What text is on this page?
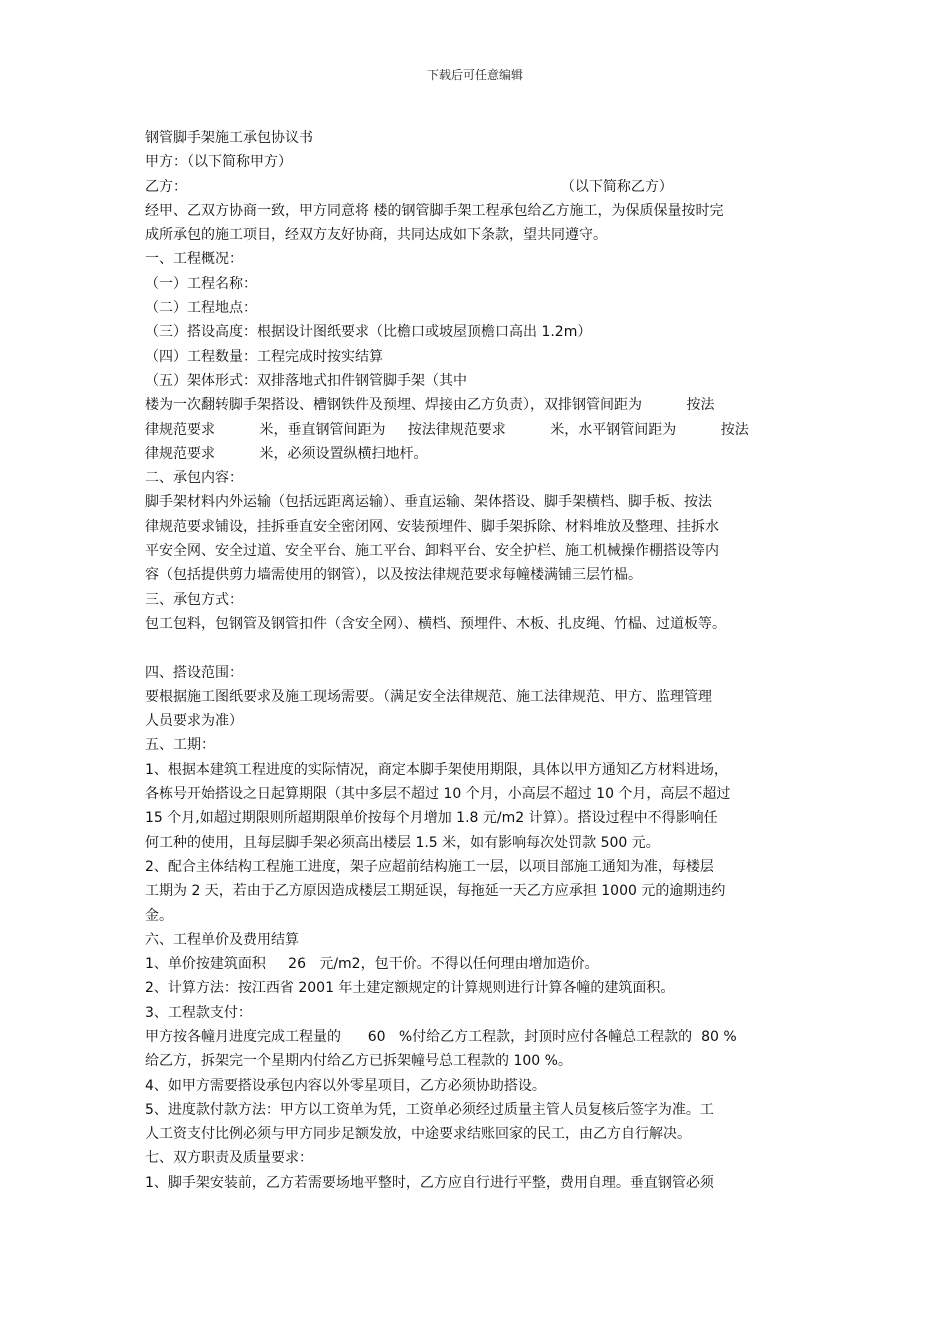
下载后可任意编辑
钢管脚手架施工承包协议书
甲方：（以下简称甲方）
乙方：                                                                                    （以下简称乙方）
经甲、乙双方协商一致，甲方同意将 楼的钢管脚手架工程承包给乙方施工，为保质保量按时完
成所承包的施工项目，经双方友好协商，共同达成如下条款，望共同遵守。
一、工程概况：
（一）工程名称：
（二）工程地点：
（三）搭设高度：根据设计图纸要求（比檐口或坡屋顶檐口高出 1.2m）
（四）工程数量：工程完成时按实结算
（五）架体形式：双排落地式扣件钢管脚手架（其中
楼为一次翻转脚手架搭设、槽钢铁件及预埋、焊接由乙方负责），双排钢管间距为          按法
律规范要求          米，垂直钢管间距为     按法律规范要求          米，水平钢管间距为          按法
律规范要求          米，必须设置纵横扫地杆。
二、承包内容：
脚手架材料内外运输（包括远距离运输）、垂直运输、架体搭设、脚手架横档、脚手板、按法
律规范要求铺设，挂拆垂直安全密闭网、安装预埋件、脚手架拆除、材料堆放及整理、挂拆水
平安全网、安全过道、安全平台、施工平台、卸料平台、安全护栏、施工机械操作棚搭设等内
容（包括提供剪力墙需使用的钢管），以及按法律规范要求每幢楼满铺三层竹榀。
三、承包方式：
包工包料，包钢管及钢管扣件（含安全网）、横档、预埋件、木板、扎皮绳、竹榀、过道板等。
四、搭设范围：
要根据施工图纸要求及施工现场需要。（满足安全法律规范、施工法律规范、甲方、监理管理
人员要求为准）
五、工期：
1、根据本建筑工程进度的实际情况，商定本脚手架使用期限，具体以甲方通知乙方材料进场，
各栋号开始搭设之日起算期限（其中多层不超过 10 个月，小高层不超过 10 个月，高层不超过
15 个月,如超过期限则所超期限单价按每个月增加 1.8 元/m2 计算）。搭设过程中不得影响任
何工种的使用，且每层脚手架必须高出楼层 1.5 米，如有影响每次处罚款 500 元。
2、配合主体结构工程施工进度，架子应超前结构施工一层，以项目部施工通知为准，每楼层
工期为 2 天，若由于乙方原因造成楼层工期延误，每拖延一天乙方应承担 1000 元的逾期违约
金。
六、工程单价及费用结算
1、单价按建筑面积     26   元/m2，包干价。不得以任何理由增加造价。
2、计算方法：按江西省 2001 年土建定额规定的计算规则进行计算各幢的建筑面积。
3、工程款支付：
甲方按各幢月进度完成工程量的      60   %付给乙方工程款，封顶时应付各幢总工程款的  80 %
给乙方，拆架完一个星期内付给乙方已拆架幢号总工程款的 100 %。
4、如甲方需要搭设承包内容以外零星项目，乙方必须协助搭设。
5、进度款付款方法：甲方以工资单为凭，工资单必须经过质量主管人员复核后签字为准。工
人工资支付比例必须与甲方同步足额发放，中途要求结账回家的民工，由乙方自行解决。
七、双方职责及质量要求：
1、脚手架安装前，乙方若需要场地平整时，乙方应自行进行平整，费用自理。垂直钢管必须
